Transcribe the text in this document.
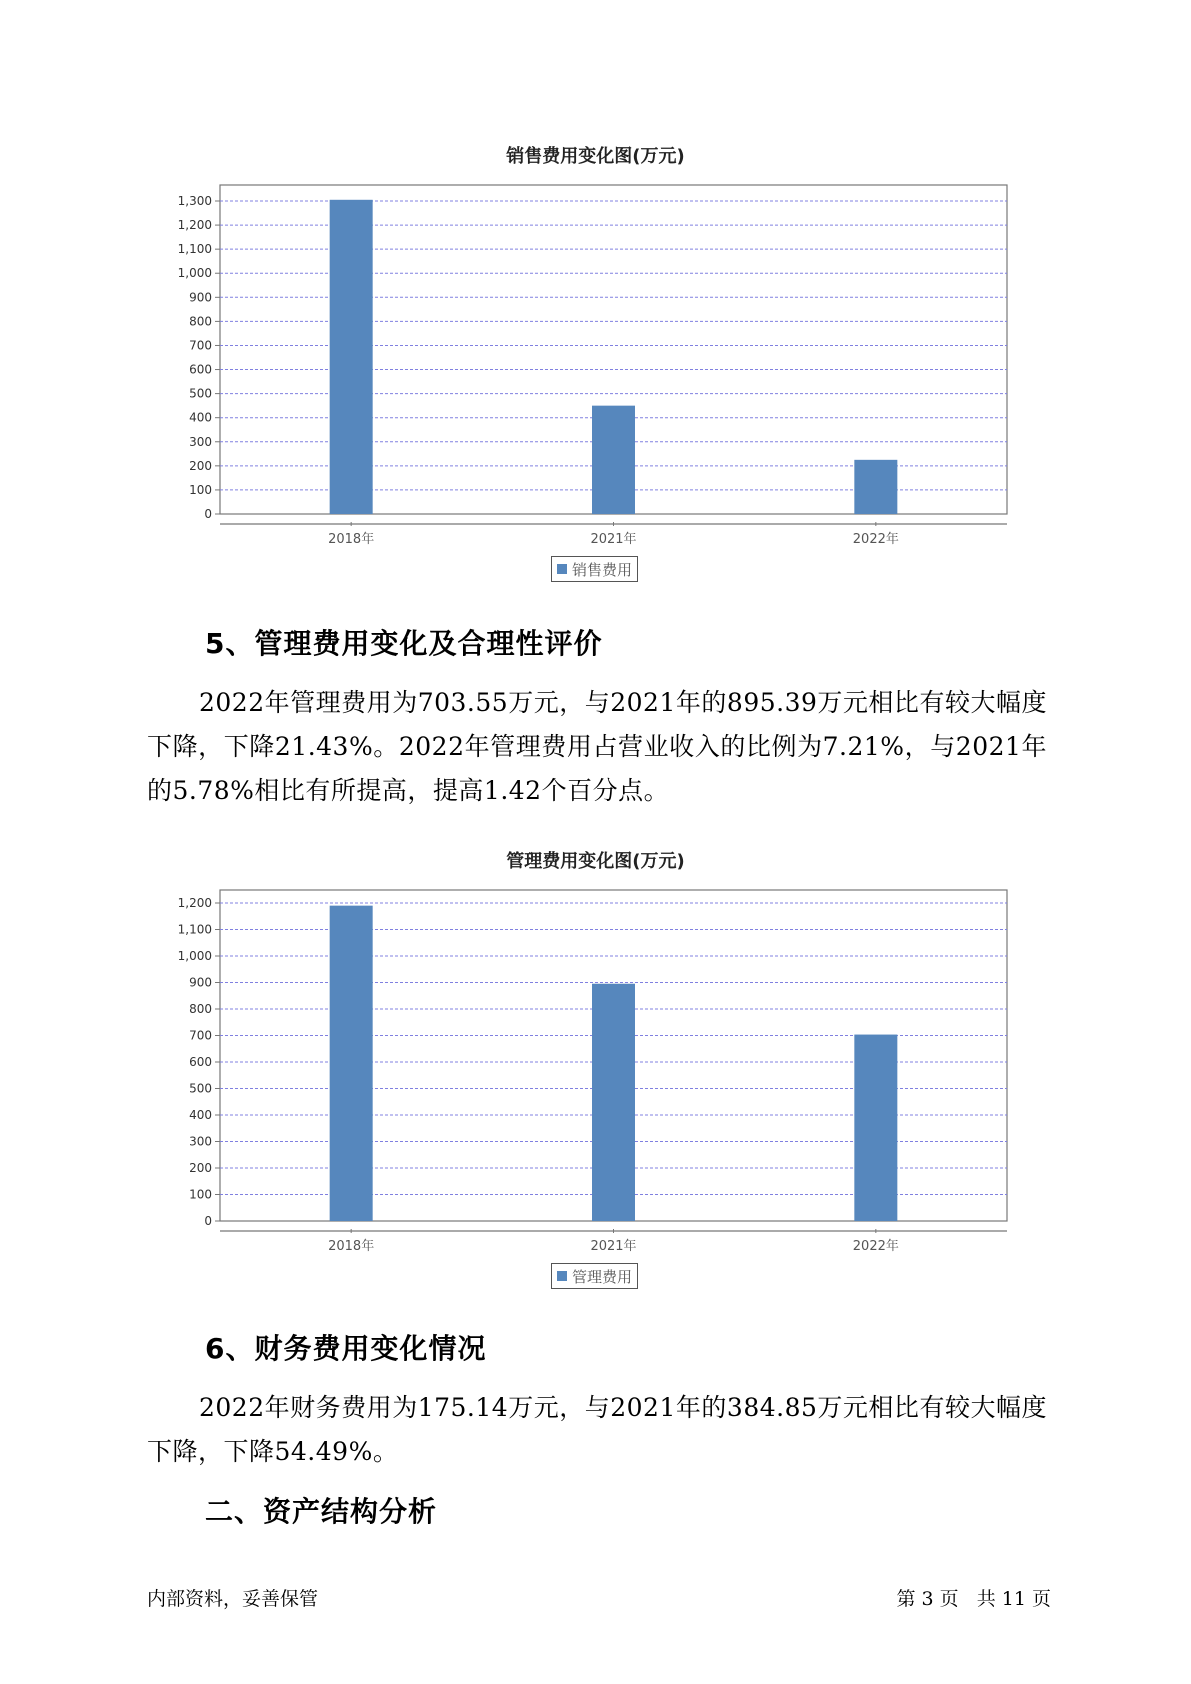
销售费用变化图(万元)
0
100
200
300
400
500
600
700
800
900
1,000
1,100
1,200
1,300
2018年	2021年	2022年
销售费用
5、管理费用变化及合理性评价

2022年管理费用为703.55万元，与2021年的895.39万元相比有较大幅度下降，下降21.43%。2022年管理费用占营业收入的比例为7.21%，与2021年的5.78%相比有所提高，提高1.42个百分点。

管理费用变化图(万元)
0
100
200
300
400
500
600
700
800
900
1,000
1,100
1,200
2018年	2021年	2022年
管理费用
6、财务费用变化情况

2022年财务费用为175.14万元，与2021年的384.85万元相比有较大幅度下降，下降54.49%。

二、资产结构分析
内部资料，妥善保管	第 3 页   共 11 页
